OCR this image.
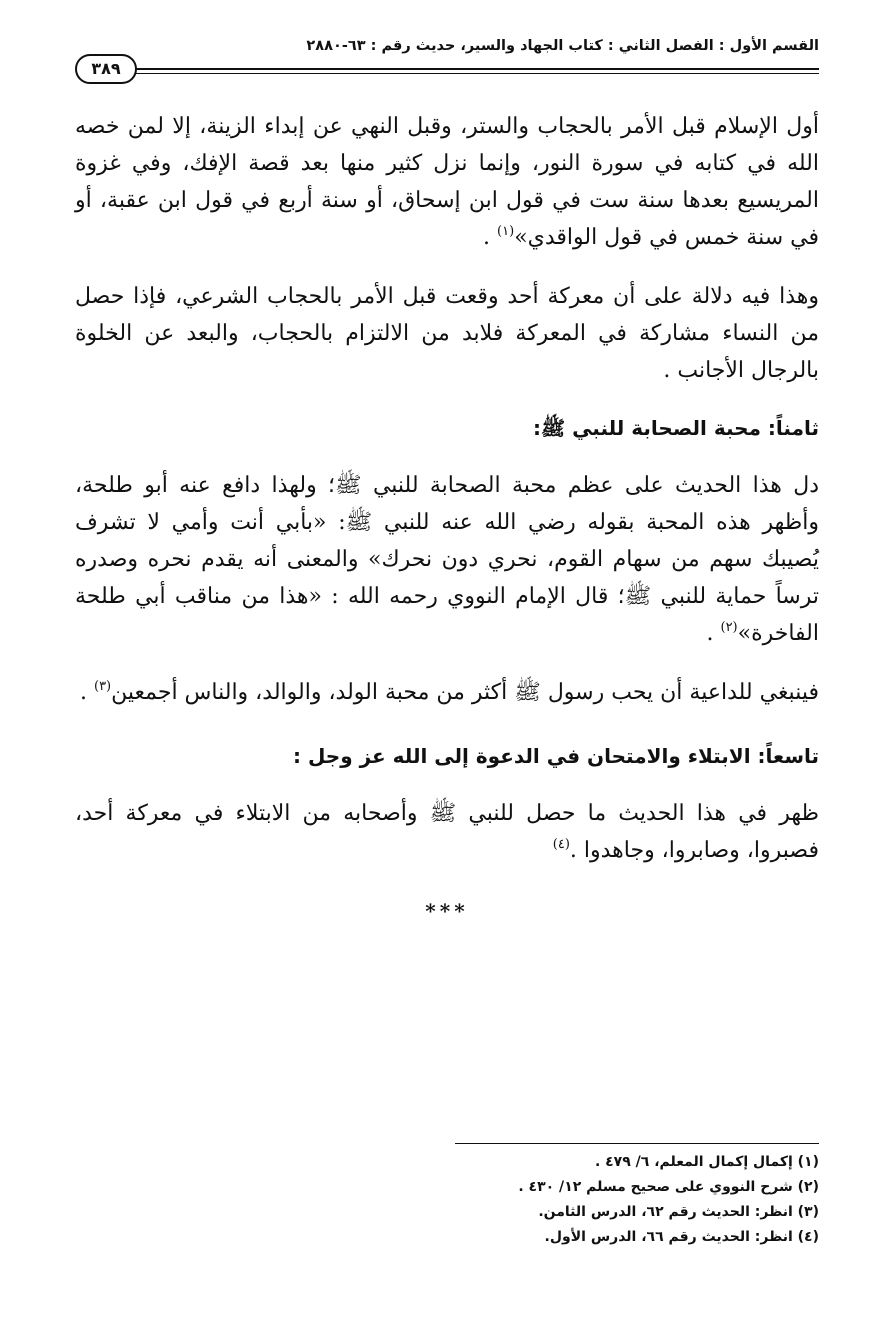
القسم الأول : الفصل الثاني : كتاب الجهاد والسير، حديث رقم : ٦٣-٢٨٨٠
٣٨٩

أول الإسلام قبل الأمر بالحجاب والستر، وقبل النهي عن إبداء الزينة، إلا لمن خصه الله في كتابه في سورة النور، وإنما نزل كثير منها بعد قصة الإفك، وفي غزوة المريسيع بعدها سنة ست في قول ابن إسحاق، أو سنة أربع في قول ابن عقبة، أو في سنة خمس في قول الواقدي»$^{(١)}$ .

وهذا فيه دلالة على أن معركة أحد وقعت قبل الأمر بالحجاب الشرعي، فإذا حصل من النساء مشاركة في المعركة فلابد من الالتزام بالحجاب، والبعد عن الخلوة بالرجال الأجانب .

ثامناً: محبة الصحابة للنبي ﷺ:

دل هذا الحديث على عظم محبة الصحابة للنبي ﷺ؛ ولهذا دافع عنه أبو طلحة، وأظهر هذه المحبة بقوله رضي الله عنه للنبي ﷺ: «بأبي أنت وأمي لا تشرف يُصيبك سهم من سهام القوم، نحري دون نحرك» والمعنى أنه يقدم نحره وصدره ترساً حماية للنبي ﷺ؛ قال الإمام النووي رحمه الله : «هذا من مناقب أبي طلحة الفاخرة»$^{(٢)}$ .

فينبغي للداعية أن يحب رسول ﷺ أكثر من محبة الولد، والوالد، والناس أجمعين$^{(٣)}$ .

تاسعاً: الابتلاء والامتحان في الدعوة إلى الله عز وجل :

ظهر في هذا الحديث ما حصل للنبي ﷺ وأصحابه من الابتلاء في معركة أحد، فصبروا، وصابروا، وجاهدوا .$^{(٤)}$

***
(١) إكمال إكمال المعلم، ٦/ ٤٧٩ .
(٢) شرح النووي على صحيح مسلم ١٢/ ٤٣٠ .
(٣) انظر: الحديث رقم ٦٢، الدرس الثامن.
(٤) انظر: الحديث رقم ٦٦، الدرس الأول.
